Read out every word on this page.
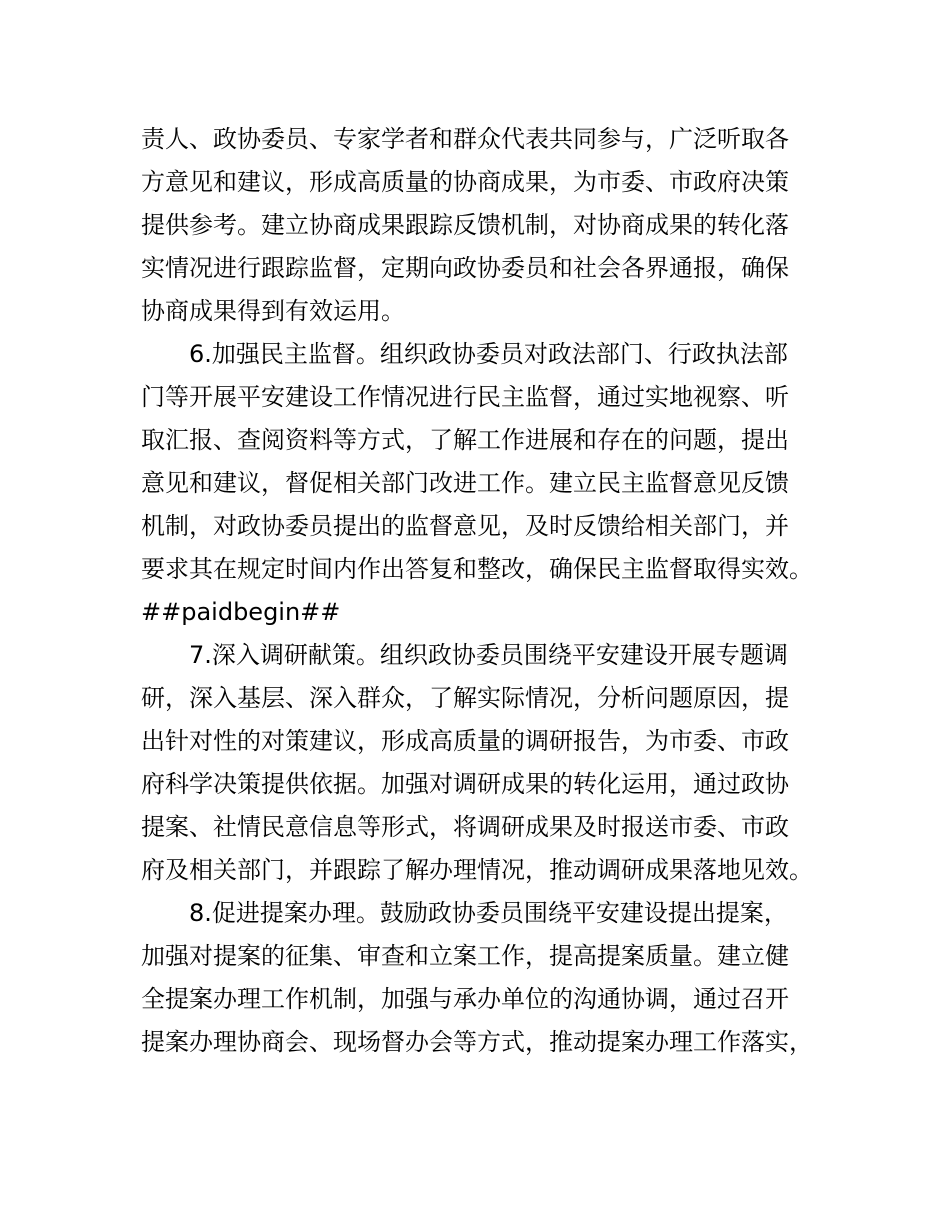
责人、政协委员、专家学者和群众代表共同参与，广泛听取各
方意见和建议，形成高质量的协商成果，为市委、市政府决策
提供参考。建立协商成果跟踪反馈机制，对协商成果的转化落
实情况进行跟踪监督，定期向政协委员和社会各界通报，确保
协商成果得到有效运用。
6.加强民主监督。组织政协委员对政法部门、行政执法部
门等开展平安建设工作情况进行民主监督，通过实地视察、听
取汇报、查阅资料等方式，了解工作进展和存在的问题，提出
意见和建议，督促相关部门改进工作。建立民主监督意见反馈
机制，对政协委员提出的监督意见，及时反馈给相关部门，并
要求其在规定时间内作出答复和整改，确保民主监督取得实效。
##paidbegin##
7.深入调研献策。组织政协委员围绕平安建设开展专题调
研，深入基层、深入群众，了解实际情况，分析问题原因，提
出针对性的对策建议，形成高质量的调研报告，为市委、市政
府科学决策提供依据。加强对调研成果的转化运用，通过政协
提案、社情民意信息等形式，将调研成果及时报送市委、市政
府及相关部门，并跟踪了解办理情况，推动调研成果落地见效。
8.促进提案办理。鼓励政协委员围绕平安建设提出提案，
加强对提案的征集、审查和立案工作，提高提案质量。建立健
全提案办理工作机制，加强与承办单位的沟通协调，通过召开
提案办理协商会、现场督办会等方式，推动提案办理工作落实，
